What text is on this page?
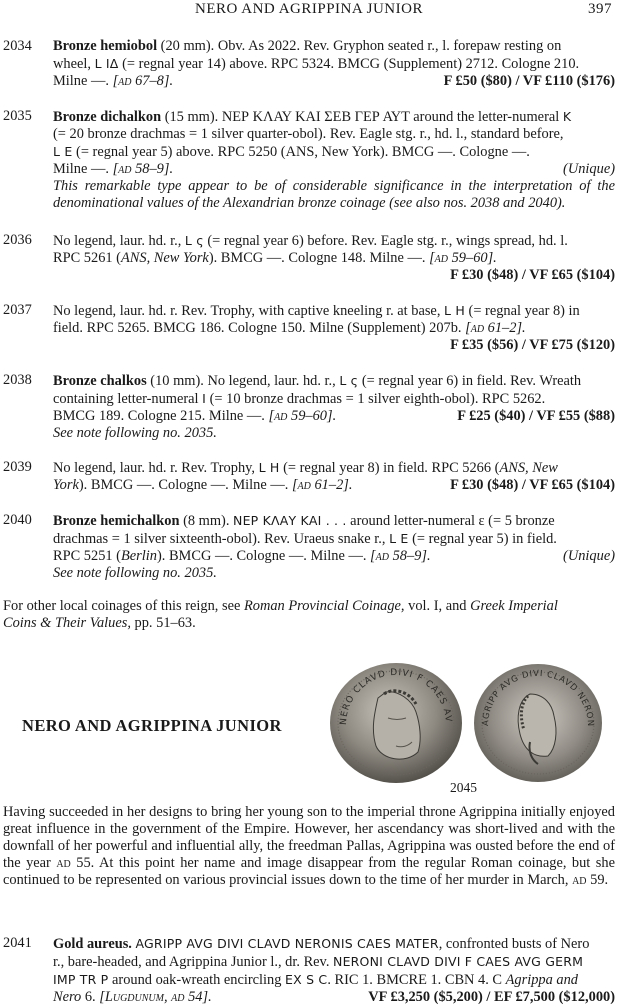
NERO AND AGRIPPINA JUNIOR	397
2034	Bronze hemiobol (20 mm). Obv. As 2022. Rev. Gryphon seated r., l. forepaw resting on
wheel, L IΔ (= regnal year 14) above. RPC 5324. BMCG (Supplement) 2712. Cologne 210.
Milne —. [ad 67–8].	F £50 ($80) / VF £110 ($176)
2035	Bronze dichalkon (15 mm). ΝΕΡ ΚΛΑΥ ΚΑΙ ΣΕΒ ΓΕΡ ΑΥΤ around the letter-numeral K
(= 20 bronze drachmas = 1 silver quarter-obol). Rev. Eagle stg. r., hd. l., standard before,
L E (= regnal year 5) above. RPC 5250 (ANS, New York). BMCG —. Cologne —.
Milne —. [ad 58–9].	(Unique)
This remarkable type appear to be of considerable significance in the interpretation of the denominational values of the Alexandrian bronze coinage (see also nos. 2038 and 2040).
2036	No legend, laur. hd. r., L ς (= regnal year 6) before. Rev. Eagle stg. r., wings spread, hd. l.
RPC 5261 (ANS, New York). BMCG —. Cologne 148. Milne —. [ad 59–60].
F £30 ($48) / VF £65 ($104)
2037	No legend, laur. hd. r. Rev. Trophy, with captive kneeling r. at base, L H (= regnal year 8) in
field. RPC 5265. BMCG 186. Cologne 150. Milne (Supplement) 207b. [ad 61–2].
F £35 ($56) / VF £75 ($120)
2038	Bronze chalkos (10 mm). No legend, laur. hd. r., L ς (= regnal year 6) in field. Rev. Wreath
containing letter-numeral I (= 10 bronze drachmas = 1 silver eighth-obol). RPC 5262.
BMCG 189. Cologne 215. Milne —. [ad 59–60].	F £25 ($40) / VF £55 ($88)
See note following no. 2035.
2039	No legend, laur. hd. r. Rev. Trophy, L H (= regnal year 8) in field. RPC 5266 (ANS, New
York). BMCG —. Cologne —. Milne —. [ad 61–2].	F £30 ($48) / VF £65 ($104)
2040	Bronze hemichalkon (8 mm). ΝΕΡ ΚΛΑΥ ΚΑΙ . . . around letter-numeral ε (= 5 bronze
drachmas = 1 silver sixteenth-obol). Rev. Uraeus snake r., L E (= regnal year 5) in field.
RPC 5251 (Berlin). BMCG —. Cologne —. Milne —. [ad 58–9].	(Unique)
See note following no. 2035.
For other local coinages of this reign, see Roman Provincial Coinage, vol. I, and Greek Imperial
Coins & Their Values, pp. 51–63.
NERO AND AGRIPPINA JUNIOR	NERO CLAVD DIVI F CAES AV	AGRIPP AVG DIVI CLAVD NERON
2045
Having succeeded in her designs to bring her young son to the imperial throne Agrippina initially enjoyed great influence in the government of the Empire. However, her ascendancy was short-lived and with the downfall of her powerful and influential ally, the freedman Pallas, Agrippina was ousted before the end of the year ad 55. At this point her name and image disappear from the regular Roman coinage, but she continued to be represented on various provincial issues down to the time of her murder in March, ad 59.
2041	Gold aureus. AGRIPP AVG DIVI CLAVD NERONIS CAES MATER, confronted busts of Nero
r., bare-headed, and Agrippina Junior l., dr. Rev. NERONI CLAVD DIVI F CAES AVG GERM
IMP TR P around oak-wreath encircling EX S C. RIC 1. BMCRE 1. CBN 4. C Agrippa and
Nero 6. [Lugdunum, ad 54].	VF £3,250 ($5,200) / EF £7,500 ($12,000)
